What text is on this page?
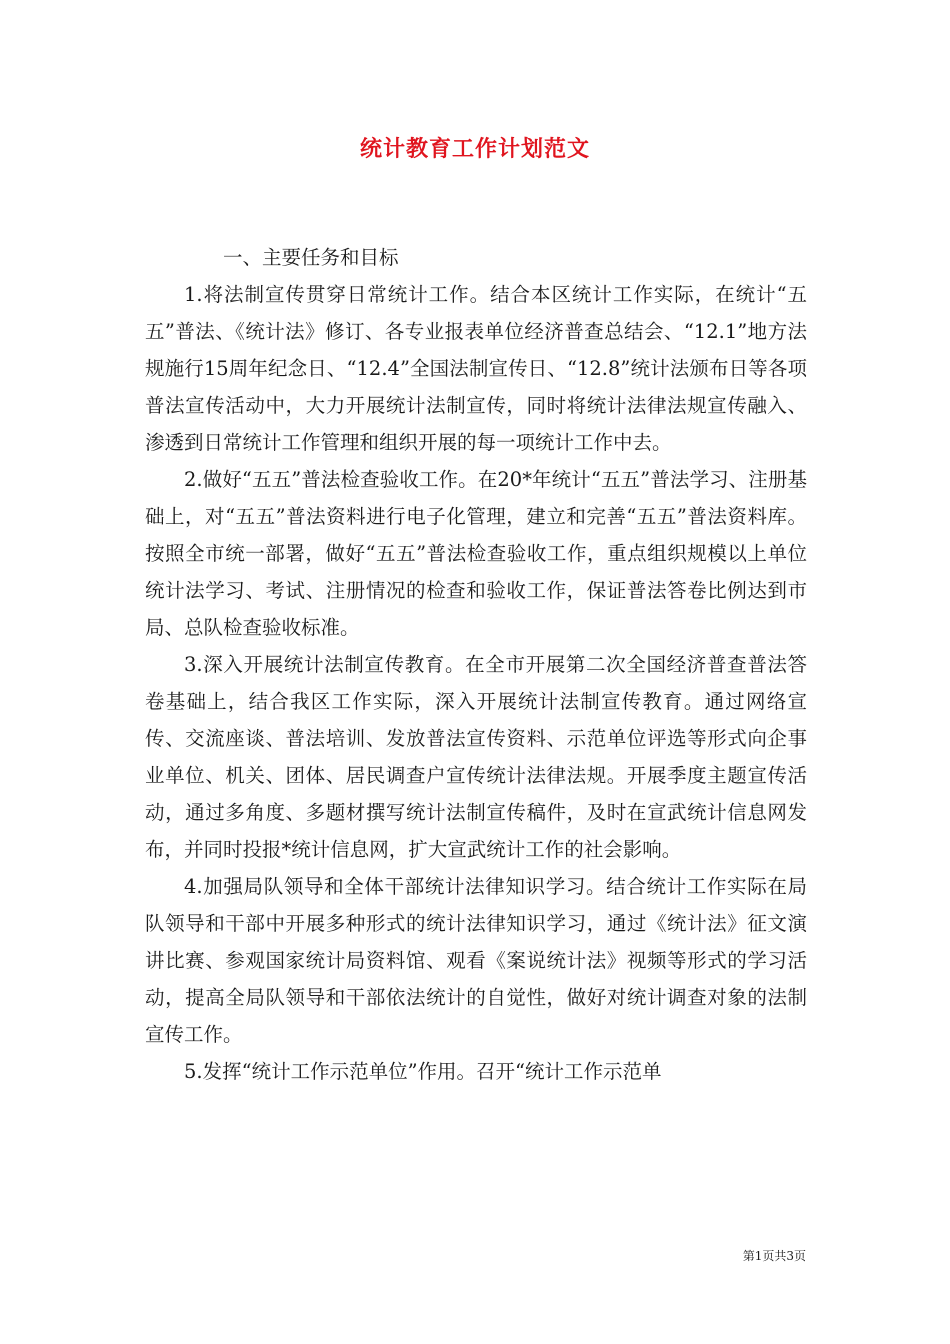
统计教育工作计划范文

一、主要任务和目标

1.将法制宣传贯穿日常统计工作。结合本区统计工作实际，在统计“五五”普法、《统计法》修订、各专业报表单位经济普查总结会、“12.1”地方法规施行15周年纪念日、“12.4”全国法制宣传日、“12.8”统计法颁布日等各项普法宣传活动中，大力开展统计法制宣传，同时将统计法律法规宣传融入、渗透到日常统计工作管理和组织开展的每一项统计工作中去。

2.做好“五五”普法检查验收工作。在20*年统计“五五”普法学习、注册基础上，对“五五”普法资料进行电子化管理，建立和完善“五五”普法资料库。按照全市统一部署，做好“五五”普法检查验收工作，重点组织规模以上单位统计法学习、考试、注册情况的检查和验收工作，保证普法答卷比例达到市局、总队检查验收标准。

3.深入开展统计法制宣传教育。在全市开展第二次全国经济普查普法答卷基础上，结合我区工作实际，深入开展统计法制宣传教育。通过网络宣传、交流座谈、普法培训、发放普法宣传资料、示范单位评选等形式向企事业单位、机关、团体、居民调查户宣传统计法律法规。开展季度主题宣传活动，通过多角度、多题材撰写统计法制宣传稿件，及时在宣武统计信息网发布，并同时投报*统计信息网，扩大宣武统计工作的社会影响。

4.加强局队领导和全体干部统计法律知识学习。结合统计工作实际在局队领导和干部中开展多种形式的统计法律知识学习，通过《统计法》征文演讲比赛、参观国家统计局资料馆、观看《案说统计法》视频等形式的学习活动，提高全局队领导和干部依法统计的自觉性，做好对统计调查对象的法制宣传工作。

5.发挥“统计工作示范单位”作用。召开“统计工作示范单

第1页共3页
